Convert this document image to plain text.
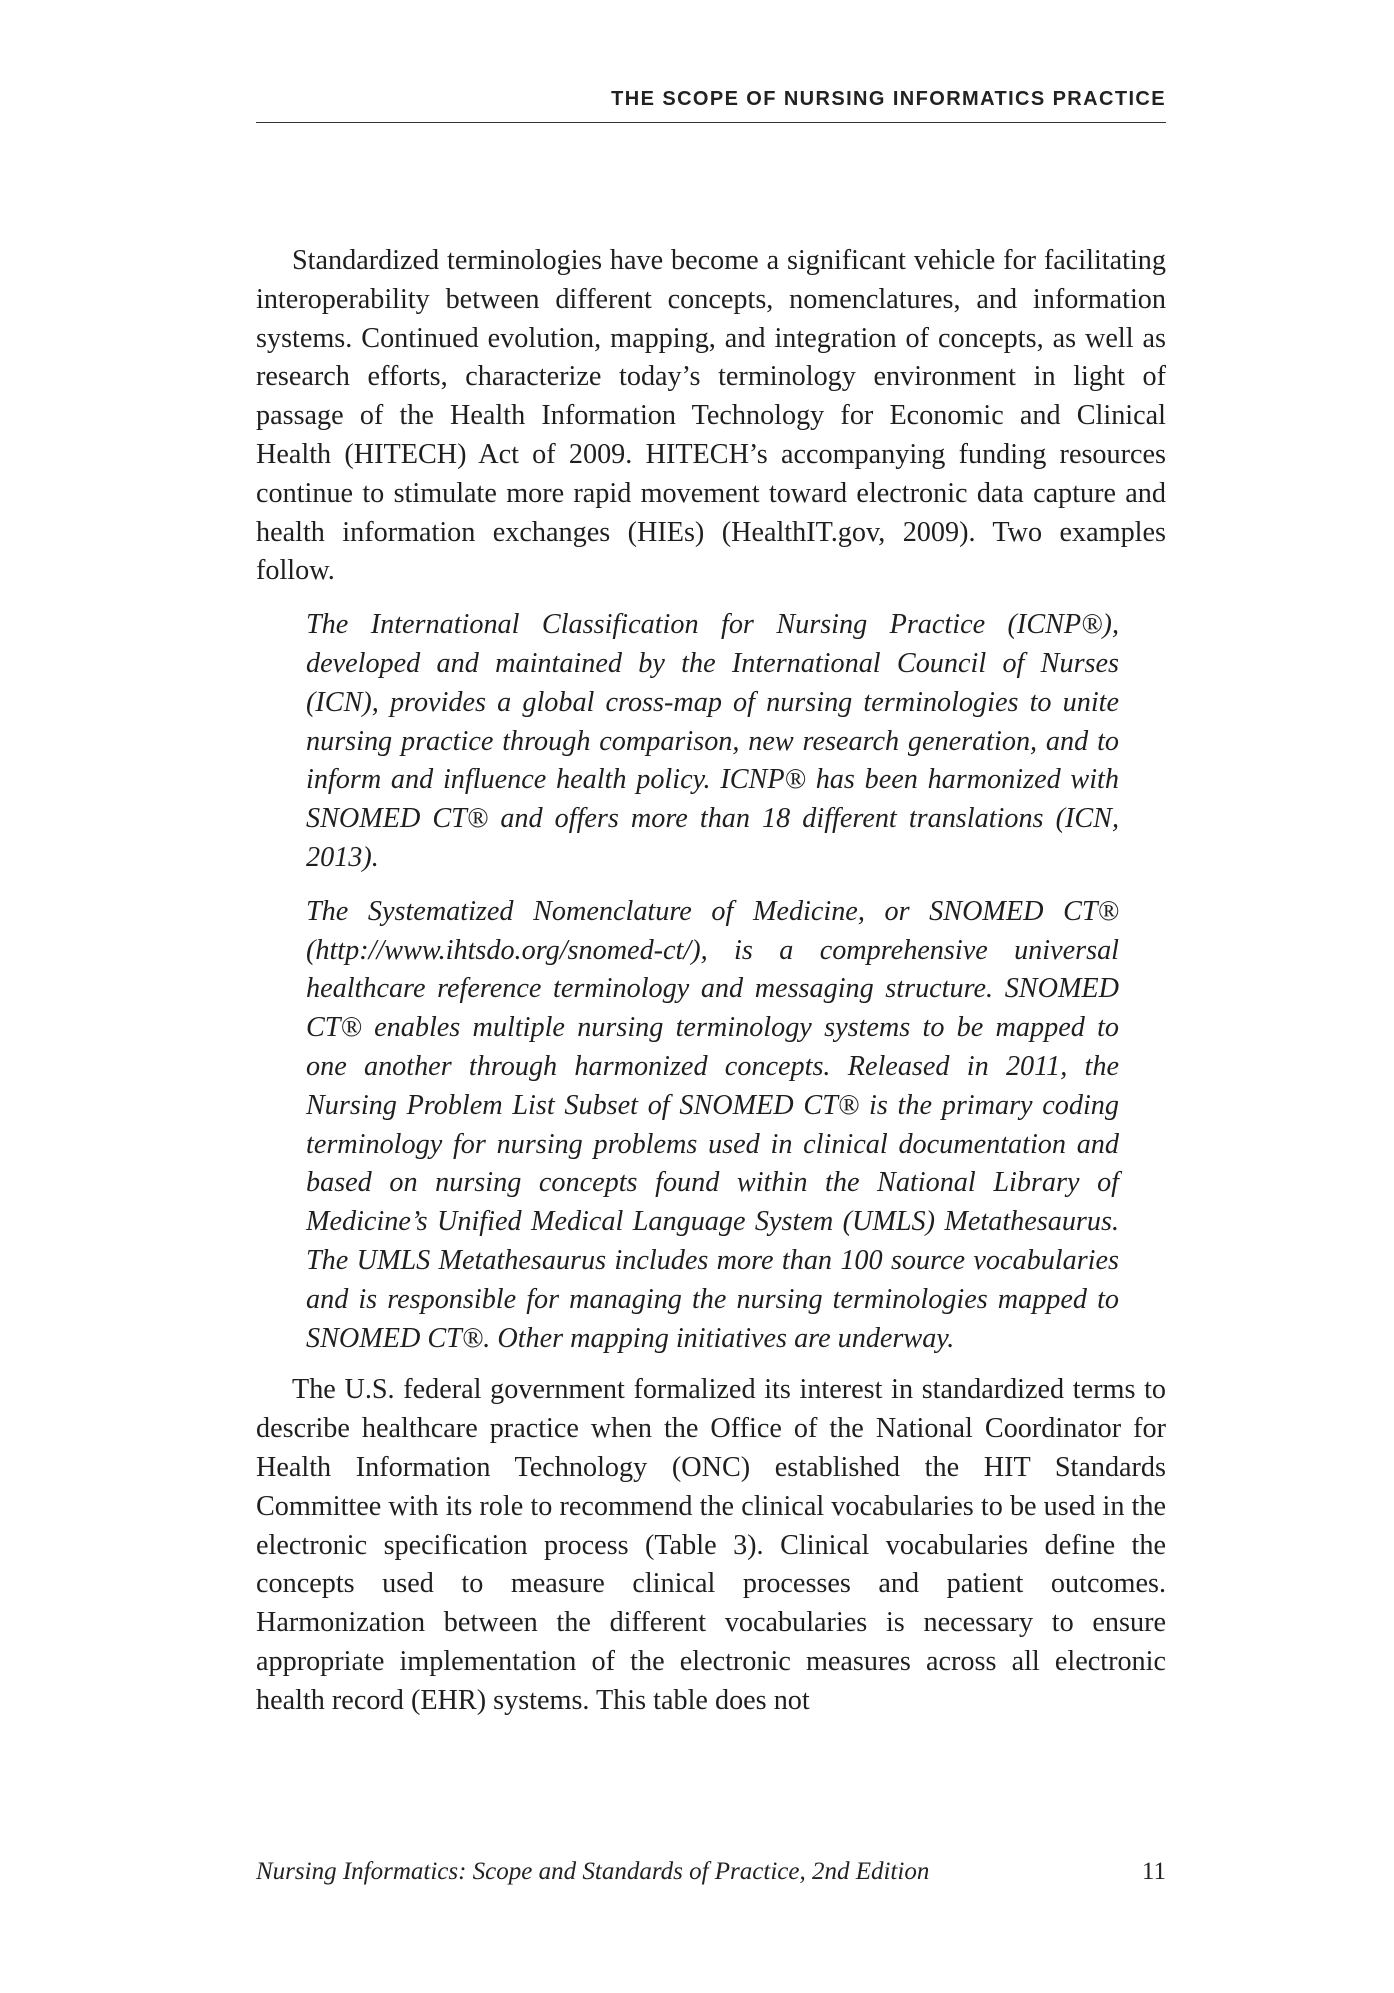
THE SCOPE OF NURSING INFORMATICS PRACTICE

Standardized terminologies have become a significant vehicle for facilitating interoperability between different concepts, nomenclatures, and information systems. Continued evolution, mapping, and integration of concepts, as well as research efforts, characterize today’s terminology environment in light of passage of the Health Information Technology for Economic and Clinical Health (HITECH) Act of 2009. HITECH’s accompanying funding resources continue to stimulate more rapid movement toward electronic data capture and health information exchanges (HIEs) (HealthIT.gov, 2009). Two examples follow.

The International Classification for Nursing Practice (ICNP®), developed and maintained by the International Council of Nurses (ICN), provides a global cross-map of nursing terminologies to unite nursing practice through comparison, new research generation, and to inform and influence health policy. ICNP® has been harmonized with SNOMED CT® and offers more than 18 different translations (ICN, 2013).

The Systematized Nomenclature of Medicine, or SNOMED CT® (http://www.ihtsdo.org/snomed-ct/), is a comprehensive universal healthcare reference terminology and messaging structure. SNOMED CT® enables multiple nursing terminology systems to be mapped to one another through harmonized concepts. Released in 2011, the Nursing Problem List Subset of SNOMED CT® is the primary coding terminology for nursing problems used in clinical documentation and based on nursing concepts found within the National Library of Medicine’s Unified Medical Language System (UMLS) Metathesaurus. The UMLS Metathesaurus includes more than 100 source vocabularies and is responsible for managing the nursing terminologies mapped to SNOMED CT®. Other mapping initiatives are underway.

The U.S. federal government formalized its interest in standardized terms to describe healthcare practice when the Office of the National Coordinator for Health Information Technology (ONC) established the HIT Standards Committee with its role to recommend the clinical vocabularies to be used in the electronic specification process (Table 3). Clinical vocabularies define the concepts used to measure clinical processes and patient outcomes. Harmonization between the different vocabularies is necessary to ensure appropriate implementation of the electronic measures across all electronic health record (EHR) systems. This table does not

Nursing Informatics: Scope and Standards of Practice, 2nd Edition	11
